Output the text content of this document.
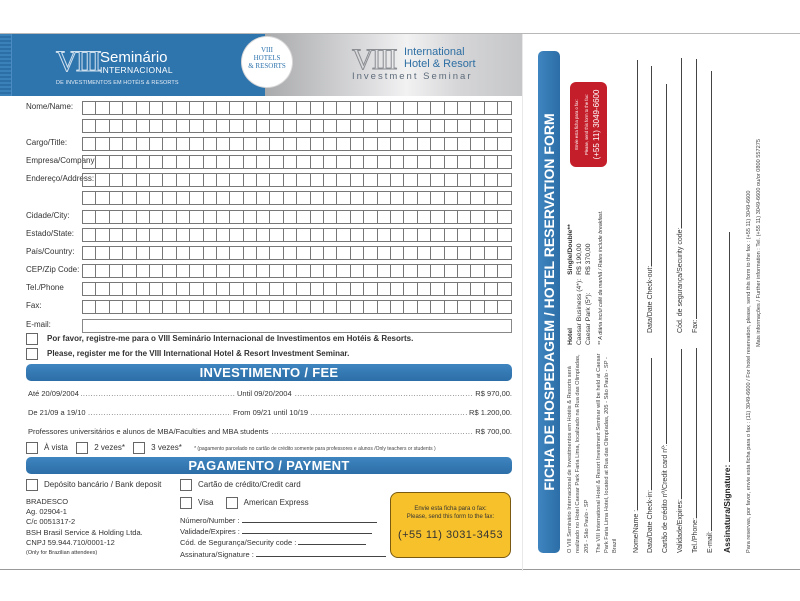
VIII Seminário
INTERNACIONAL
DE INVESTIMENTOS EM HOTÉIS & RESORTS
VIII
HOTELS
& RESORTS VIII International
Hotel & Resort
Investment Seminar
Nome/Name:
Cargo/Title:
Empresa/Company:
Endereço/Address:
Cidade/City:
Estado/State:
País/Country:
CEP/Zip Code:
Tel./Phone
Fax:
E-mail:
Por favor, registre-me para o VIII Seminário Internacional de Investimentos em Hotéis & Resorts.
Please, register me for the VIII International Hotel & Resort Investment Seminar.
INVESTIMENTO / FEE
Até 20/09/2004	Until 09/20/2004	R$ 970,00.
De 21/09 a 19/10	From 09/21 until 10/19	R$ 1.200,00.
Professores universitários e alunos de MBA/Faculties and MBA students	R$ 700,00.
À vista	2 vezes*	3 vezes* * (pagamento parcelado no cartão de crédito somente para professores e alunos /Only teachers or students )
PAGAMENTO / PAYMENT
Depósito bancário / Bank deposit	Cartão de crédito/Credit card
BRADESCO
Ag. 02904-1
C/c 0051317-2
BSH Brasil Service & Holding Ltda.
CNPJ 59.944.710/0001-12
(Only for Brazilian attendees)
Visa	American Express
Número/Number :
Validade/Expires :
Cód. de Segurança/Security code :
Assinatura/Signature :
Envie esta ficha para o fax:
Please, send this form to the fax:
(+55 11) 3031-3453
FICHA DE HOSPEDAGEM / HOTEL RESERVATION FORM	O VIII Seminário Internacional de Investimentos em Hotéis & Resorts será realizado no Hotel Caesar Park Faria Lima, localizado na Rua das Olimpíadas, 205 - São Paulo - SP The VIII International Hotel & Resort Investment Seminar will be held at Caesar Park Faria Lima Hotel, located at Rua das Olimpíadas, 205 - São Paulo - SP - Brazil

Hotel	Single/Double**
Caesar Business (4*):	R$ 190,00
Caesar Park (5*):	R$ 370,00 ** A diária inclui café da manhã / Rates include breakfast.
Envie esta ficha para o fax:	Please, send this form to the fax: (+55 11) 3049-6600
Nome/Name :	Data/Date Check-in:
Data/Date Check-out:
Cartão de crédito nº/Credit card nº:	Validade/Expires:
Cód. de segurança/Security code:
Tel./Phone:
Fax:
E-mail: Assinatura/Signature:	Para reservas, por favor, envie esta ficha para o fax : (11) 3049-6600 / For hotel reservation, please, send this form to the fax : (+55 11) 3049-6600 Mais informações / Further information : Tel. (+55 11) 3049-6600 ou/or 0800 557275
